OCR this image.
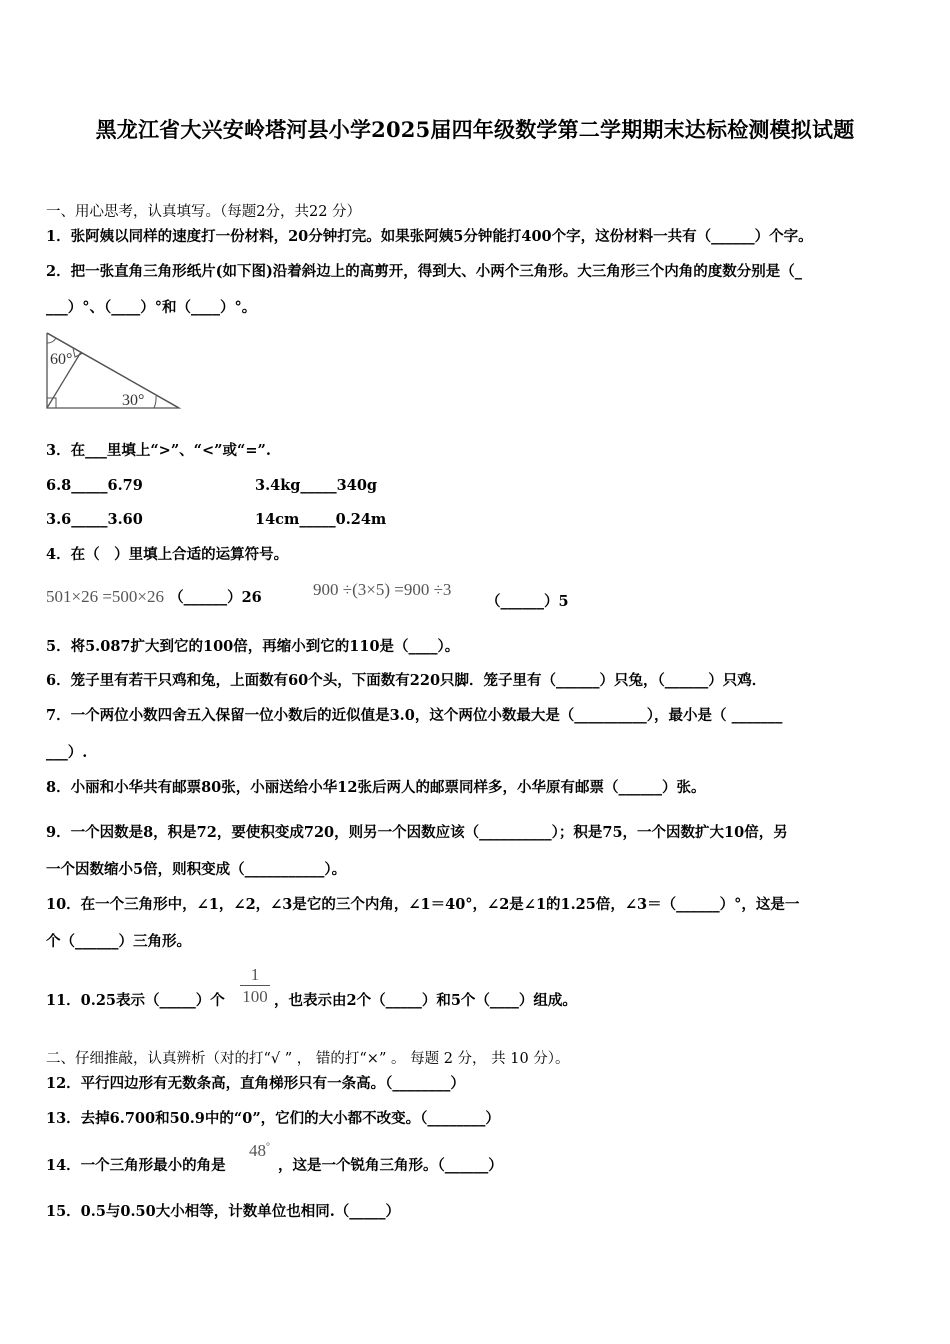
黑龙江省大兴安岭塔河县小学2025届四年级数学第二学期期末达标检测模拟试题
一、用心思考，认真填写。（每题2分，共22 分）
1．张阿姨以同样的速度打一份材料，20分钟打完。如果张阿姨5分钟能打400个字，这份材料一共有（______）个字。
2．把一张直角三角形纸片(如下图)沿着斜边上的高剪开，得到大、小两个三角形。大三角形三个内角的度数分别是（_
___）°、（____）°和（____）°。
60°
30°
3．在___里填上“>”、“<”或“=”.
6.8_____6.79	3.4kg_____340g
3.6_____3.60	14cm_____0.24m
4．在（　）里填上合适的运算符号。
501×26 =500×26 （______）26	900 ÷(3×5) =900 ÷3
（______）5
5．将5.087扩大到它的100倍，再缩小到它的110是（____）。
6．笼子里有若干只鸡和兔，上面数有60个头，下面数有220只脚．笼子里有（______）只兔，（______）只鸡．
7．一个两位小数四舍五入保留一位小数后的近似值是3.0，这个两位小数最大是（__________），最小是（ _______
___）.
8．小丽和小华共有邮票80张，小丽送给小华12张后两人的邮票同样多，小华原有邮票（______）张。
9．一个因数是8，积是72，要使积变成720，则另一个因数应该（__________）；积是75，一个因数扩大10倍，另
一个因数缩小5倍，则积变成（___________）。
10．在一个三角形中，∠1，∠2，∠3是它的三个内角，∠1＝40°，∠2是∠1的1.25倍，∠3＝（______）°，这是一
个（______）三角形。
11．0.25表示（_____）个 $\frac{1}{100}$ ，也表示由2个（_____）和5个（____）组成。
二、仔细推敲，认真辨析（对的打“√ ” ， 错的打“×” 。 每题 2 分， 共 10 分）。
12．平行四边形有无数条高，直角梯形只有一条高。（________）
13．去掉6.700和50.9中的“0”，它们的大小都不改变。（________）
14．一个三角形最小的角是
48°
，这是一个锐角三角形。（______）
15．0.5与0.50大小相等，计数单位也相同.（_____）
